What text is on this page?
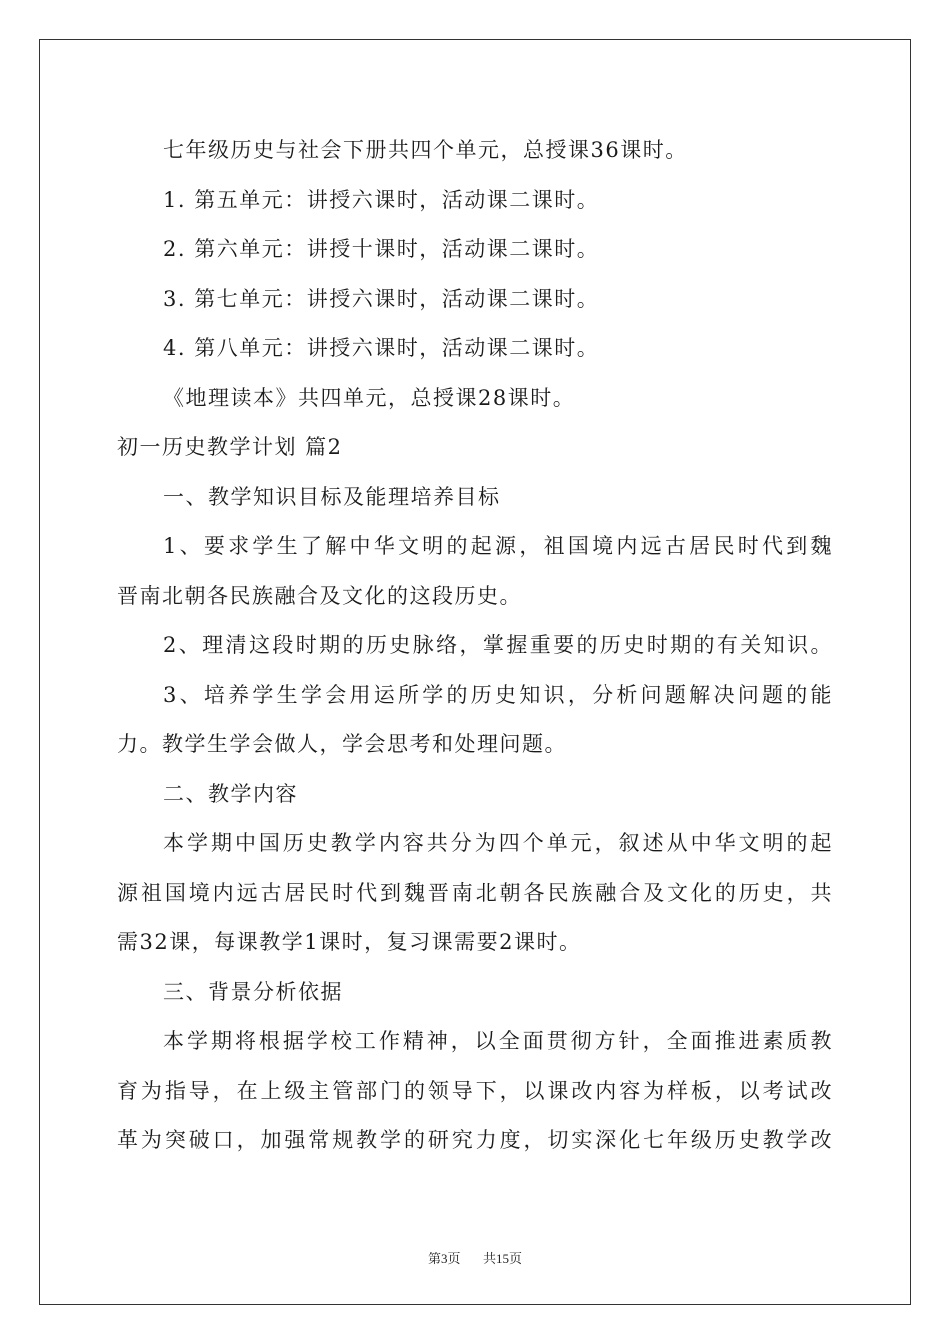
七年级历史与社会下册共四个单元，总授课36课时。
1. 第五单元：讲授六课时，活动课二课时。
2. 第六单元：讲授十课时，活动课二课时。
3. 第七单元：讲授六课时，活动课二课时。
4. 第八单元：讲授六课时，活动课二课时。
《地理读本》共四单元，总授课28课时。
初一历史教学计划 篇2
一、教学知识目标及能理培养目标
1、要求学生了解中华文明的起源，祖国境内远古居民时代到魏
晋南北朝各民族融合及文化的这段历史。
2、理清这段时期的历史脉络，掌握重要的历史时期的有关知识。
3、培养学生学会用运所学的历史知识，分析问题解决问题的能
力。教学生学会做人，学会思考和处理问题。
二、教学内容
本学期中国历史教学内容共分为四个单元，叙述从中华文明的起
源祖国境内远古居民时代到魏晋南北朝各民族融合及文化的历史，共
需32课，每课教学1课时，复习课需要2课时。
三、背景分析依据
本学期将根据学校工作精神，以全面贯彻方针，全面推进素质教
育为指导，在上级主管部门的领导下，以课改内容为样板，以考试改
革为突破口，加强常规教学的研究力度，切实深化七年级历史教学改
第3页 共15页
